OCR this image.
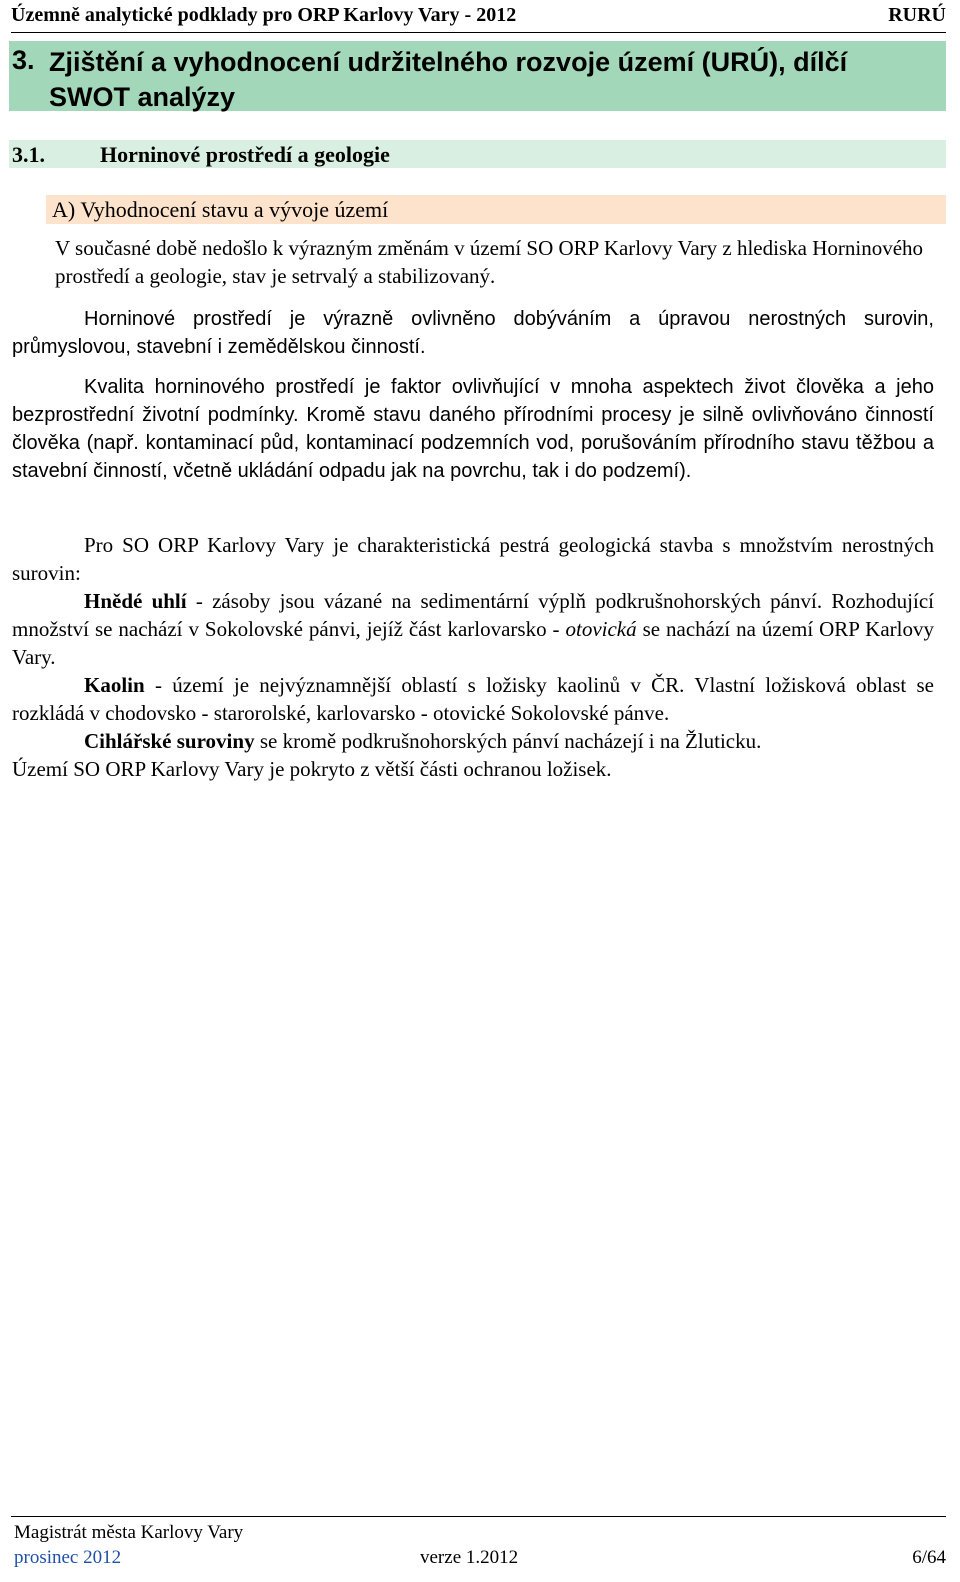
Územně analytické podklady pro ORP Karlovy Vary - 2012	RURÚ
3. Zjištění a vyhodnocení udržitelného rozvoje území (URÚ), dílčí SWOT analýzy
3.1.	Horninové prostředí a geologie
A) Vyhodnocení stavu a vývoje území
V současné době nedošlo k výrazným změnám v území SO ORP Karlovy Vary z hlediska Horninového prostředí a geologie, stav je setrvalý a stabilizovaný.
Horninové prostředí je výrazně ovlivněno dobýváním a úpravou nerostných surovin, průmyslovou, stavební i zemědělskou činností.
Kvalita horninového prostředí je faktor ovlivňující v mnoha aspektech život člověka a jeho bezprostřední životní podmínky. Kromě stavu daného přírodními procesy je silně ovlivňováno činností člověka (např. kontaminací půd, kontaminací podzemních vod, porušováním přírodního stavu těžbou a stavební činností, včetně ukládání odpadu jak na povrchu, tak i do podzemí).
Pro SO ORP Karlovy Vary je charakteristická pestrá geologická stavba s množstvím nerostných surovin:
Hnědé uhlí - zásoby jsou vázané na sedimentární výplň podkrušnohorských pánví. Rozhodující množství se nachází v Sokolovské pánvi, jejíž část karlovarsko - otovická se nachází na území ORP Karlovy Vary.
Kaolin - území je nejvýznamnější oblastí s ložisky kaolinů v ČR. Vlastní ložisková oblast se rozkládá v chodovsko - starorolské, karlovarsko - otovické Sokolovské pánve.
Cihlářské suroviny se kromě podkrušnohorských pánví nacházejí i na Žluticku.
Území SO ORP Karlovy Vary je pokryto z větší části ochranou ložisek.
Magistrát města Karlovy Vary
prosinec 2012	verze 1.2012	6/64
